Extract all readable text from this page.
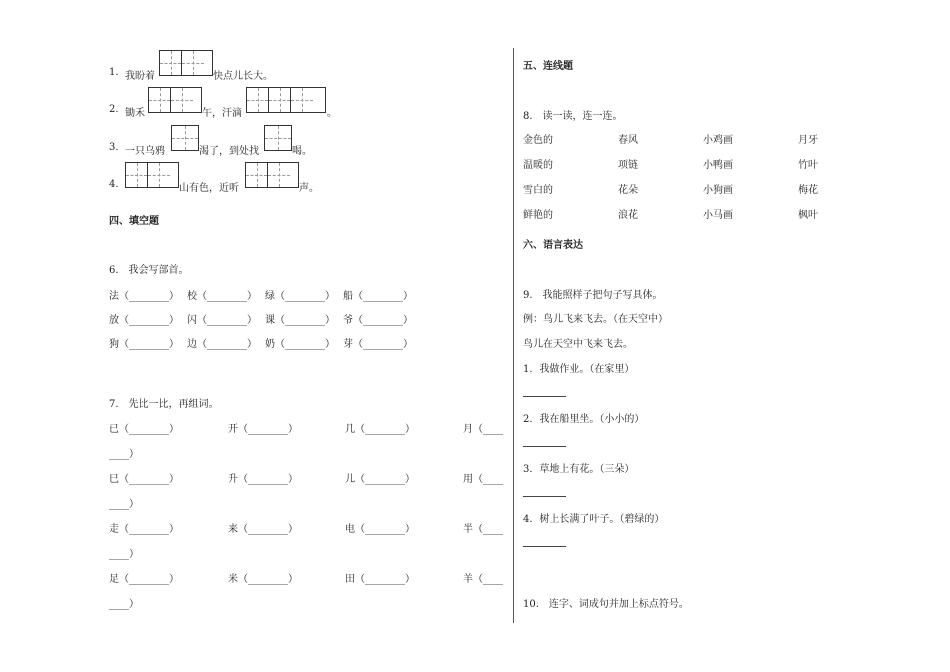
1. 我盼着	快点儿长大。
2. 锄禾	午，汗滴	。
3. 一只乌鸦	渴了，到处找	喝。
4.	山有色，近听	声。
四、填空题
6.　我会写部首。
法（________） 校（________） 绿（________） 船（________）
放（________） 闪（________） 课（________） 爷（________）
狗（________） 边（________） 奶（________） 芽（________）
7.　先比一比，再组词。
已（________）	开（________）	几（________）	月（____
____）
巳（________）	升（________）	儿（________）	用（____
____）
走（________）	来（________）	电（________）	半（____
____）
足（________）	米（________）	田（________）	羊（____
____）
五、连线题
8.　读一读，连一连。
金色的	春风	小鸡画	月牙
温暖的	项链	小鸭画	竹叶
雪白的	花朵	小狗画	梅花
鲜艳的	浪花	小马画	枫叶
六、语言表达
9.　我能照样子把句子写具体。
例：鸟儿飞来飞去。（在天空中）
鸟儿在天空中飞来飞去。
1．我做作业。（在家里）
2．我在船里坐。（小小的）
3．草地上有花。（三朵）
4．树上长满了叶子。（碧绿的）
10.　连字、词成句并加上标点符号。
